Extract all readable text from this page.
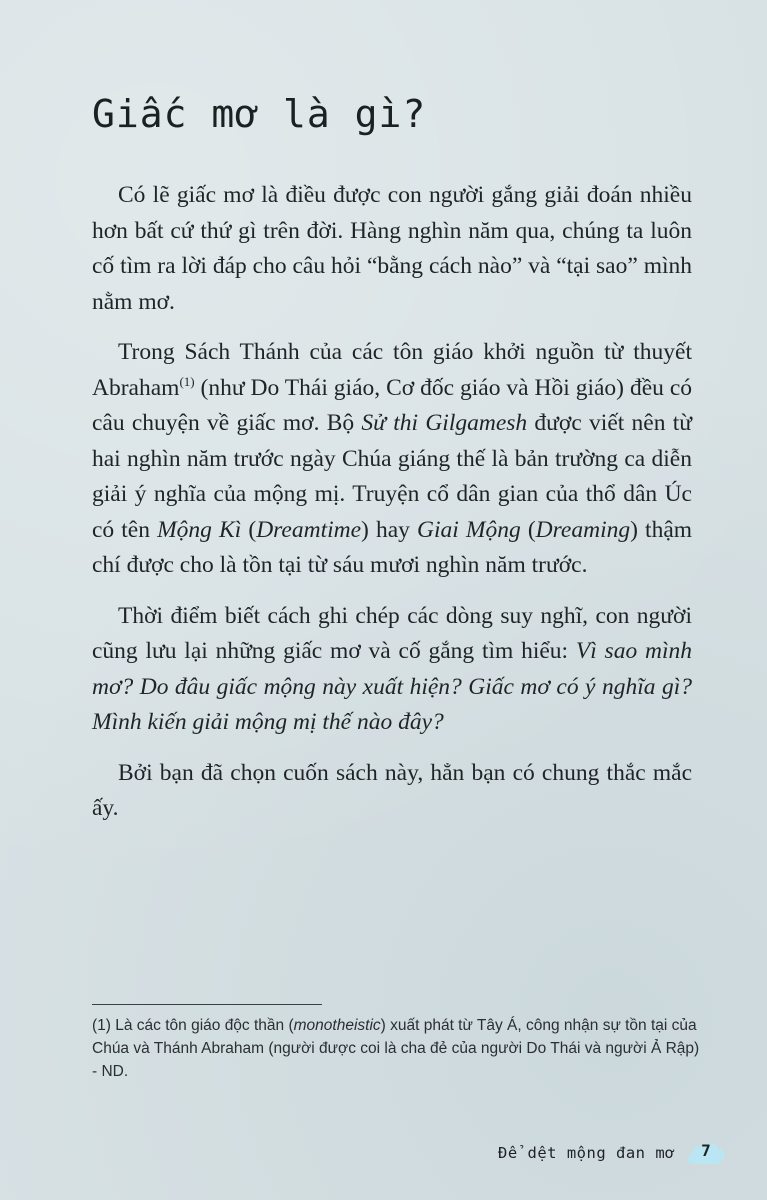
Giấc mơ là gì?

Có lẽ giấc mơ là điều được con người gắng giải đoán nhiều hơn bất cứ thứ gì trên đời. Hàng nghìn năm qua, chúng ta luôn cố tìm ra lời đáp cho câu hỏi “bằng cách nào” và “tại sao” mình nằm mơ.

Trong Sách Thánh của các tôn giáo khởi nguồn từ thuyết Abraham$^{(1)}$ (như Do Thái giáo, Cơ đốc giáo và Hồi giáo) đều có câu chuyện về giấc mơ. Bộ Sử thi Gilgamesh được viết nên từ hai nghìn năm trước ngày Chúa giáng thế là bản trường ca diễn giải ý nghĩa của mộng mị. Truyện cổ dân gian của thổ dân Úc có tên Mộng Kì (Dreamtime) hay Giai Mộng (Dreaming) thậm chí được cho là tồn tại từ sáu mươi nghìn năm trước.

Thời điểm biết cách ghi chép các dòng suy nghĩ, con người cũng lưu lại những giấc mơ và cố gắng tìm hiểu: Vì sao mình mơ? Do đâu giấc mộng này xuất hiện? Giấc mơ có ý nghĩa gì? Mình kiến giải mộng mị thế nào đây?

Bởi bạn đã chọn cuốn sách này, hẳn bạn có chung thắc mắc ấy.

(1) Là các tôn giáo độc thần (monotheistic) xuất phát từ Tây Á, công nhận sự tồn tại của Chúa và Thánh Abraham (người được coi là cha đẻ của người Do Thái và người Ả Rập) - ND.

Để dệt mộng đan mơ	7
